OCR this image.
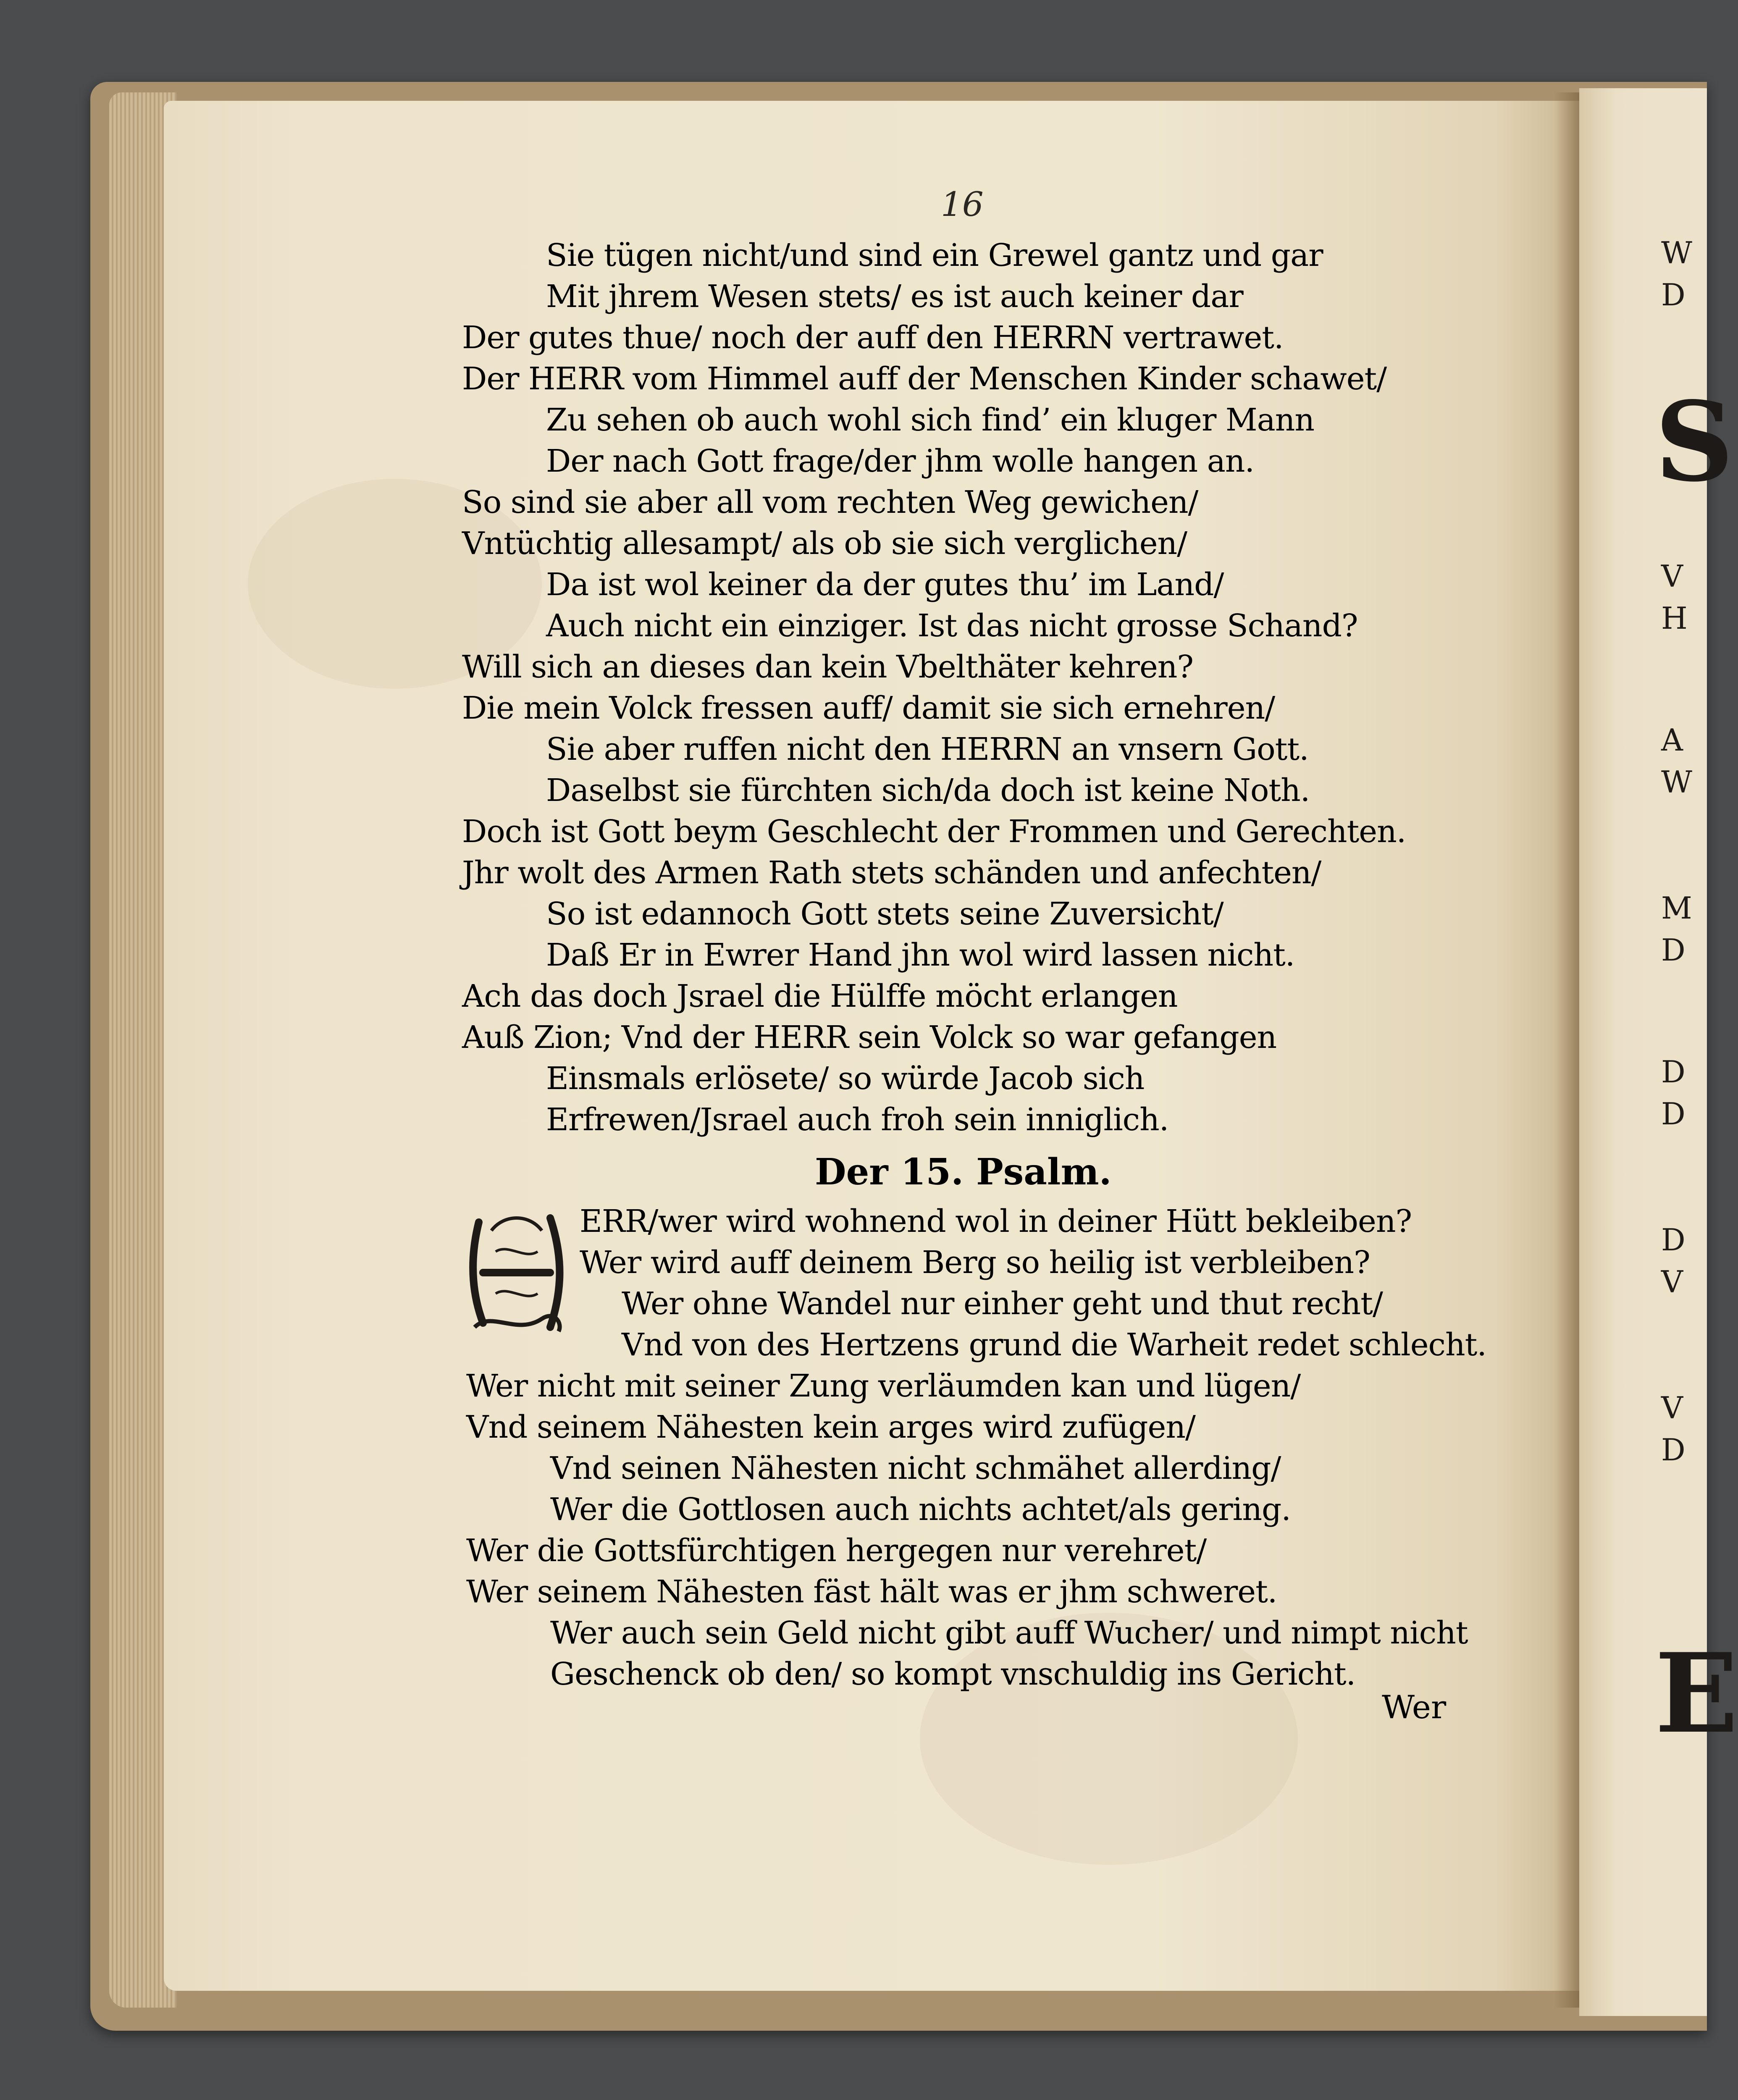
16
Sie tügen nicht/und sind ein Grewel gantz und gar
Mit jhrem Wesen stets/ es ist auch keiner dar
Der gutes thue/ noch der auff den HERRN vertrawet.
Der HERR vom Himmel auff der Menschen Kinder schawet/
Zu sehen ob auch wohl sich find’ ein kluger Mann
Der nach Gott frage/der jhm wolle hangen an.
So sind sie aber all vom rechten Weg gewichen/
Vntüchtig allesampt/ als ob sie sich verglichen/
Da ist wol keiner da der gutes thu’ im Land/
Auch nicht ein einziger. Ist das nicht grosse Schand?
Will sich an dieses dan kein Vbelthäter kehren?
Die mein Volck fressen auff/ damit sie sich ernehren/
Sie aber ruffen nicht den HERRN an vnsern Gott.
Daselbst sie fürchten sich/da doch ist keine Noth.
Doch ist Gott beym Geschlecht der Frommen und Gerechten.
Jhr wolt des Armen Rath stets schänden und anfechten/
So ist edannoch Gott stets seine Zuversicht/
Daß Er in Ewrer Hand jhn wol wird lassen nicht.
Ach das doch Jsrael die Hülffe möcht erlangen
Auß Zion; Vnd der HERR sein Volck so war gefangen
Einsmals erlösete/ so würde Jacob sich
Erfrewen/Jsrael auch froh sein inniglich.
Der 15. Psalm.
ERR/wer wird wohnend wol in deiner Hütt bekleiben?
Wer wird auff deinem Berg so heilig ist verbleiben?
Wer ohne Wandel nur einher geht und thut recht/
Vnd von des Hertzens grund die Warheit redet schlecht.
Wer nicht mit seiner Zung verläumden kan und lügen/
Vnd seinem Nähesten kein arges wird zufügen/
Vnd seinen Nähesten nicht schmähet allerding/
Wer die Gottlosen auch nichts achtet/als gering.
Wer die Gottsfürchtigen hergegen nur verehret/
Wer seinem Nähesten fäst hält was er jhm schweret.
Wer auch sein Geld nicht gibt auff Wucher/ und nimpt nicht
Geschenck ob den/ so kompt vnschuldig ins Gericht.
Wer
W
D
V
H
A
W
M
D
D
D
D
V
V
D
S
E
